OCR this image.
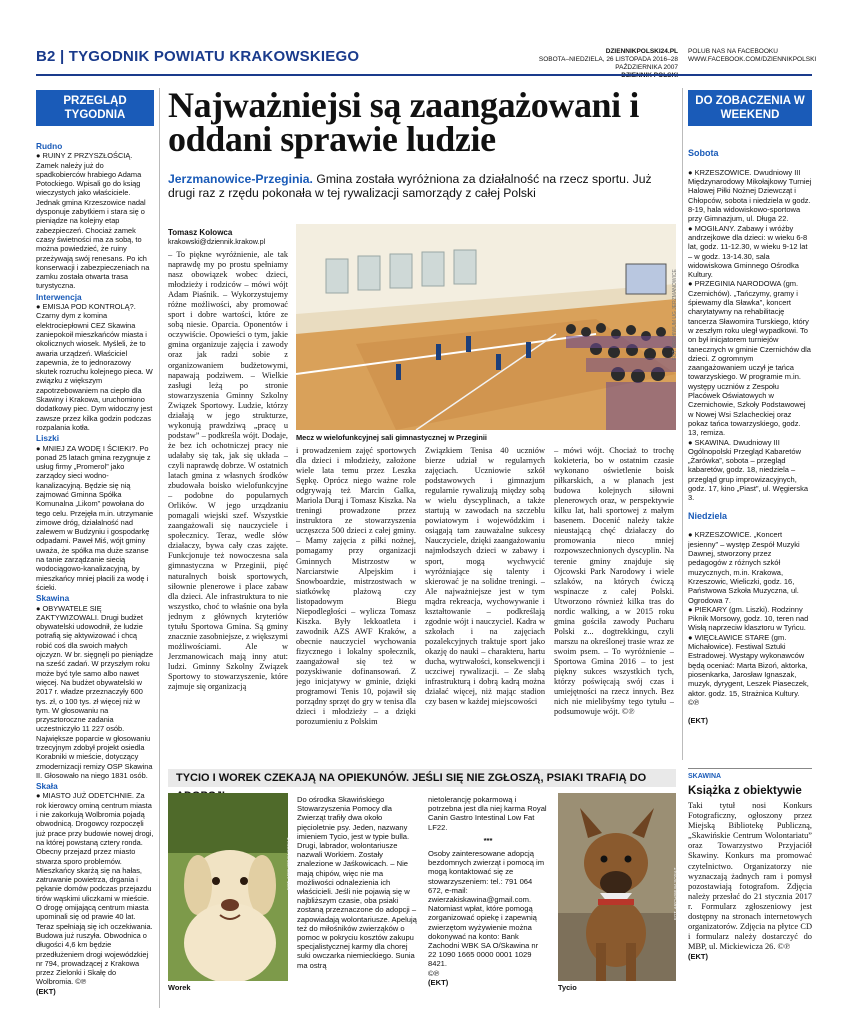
B2 | TYGODNIK POWIATU KRAKOWSKIEGO	DZIENNIKPOLSKI24.PL
SOBOTA–NIEDZIELA, 26 LISTOPADA 2016–28 PAŹDZIERNIKA 2007
POLUB NAS NA FACEBOOKU
WWW.FACEBOOK.COM/DZIENNIKPOLSKI
PRZEGLĄD TYGODNIA
Rudno

● RUINY Z PRZYSZŁOŚCIĄ. Zamek należy już do spadkobierców hrabiego Adama Potockiego. Wpisali go do ksiąg wieczystych jako właściciele. Jednak gmina Krzeszowice nadal dysponuje zabytkiem i stara się o pieniądze na kolejny etap zabezpieczeń. Chociaż zamek czasy świetności ma za sobą, to można powiedzieć, że ruiny przeżywają swój renesans. Po ich konserwacji i zabezpieczeniach na zamku została otwarta trasa turystyczna.

Interwencja

● EMISJA POD KONTROLĄ?. Czarny dym z komina elektrociepłowni CEZ Skawina zaniepokoił mieszkańców miasta i okolicznych wiosek. Myśleli, że to awaria urządzeń. Właściciel zapewnia, że to jednorazowy skutek rozruchu kolejnego pieca. W związku z większym zapotrzebowaniem na ciepło dla Skawiny i Krakowa, uruchomiono dodatkowy piec. Dym widoczny jest zawsze przez kilka godzin podczas rozpalania kotła.

Liszki

● MNIEJ ZA WODĘ I ŚCIEKI?. Po ponad 25 latach gmina rezygnuje z usług firmy „Promerol” jako zarządcy sieci wodno-kanalizacyjną. Będzie się nią zajmować Gminna Spółka Komunalna „Likom” powołana do tego celu. Przejęła m.in. utrzymanie zimowe dróg, działalność nad zalewem w Budzyniu i gospodarkę odpadami. Paweł Miś, wójt gminy uważa, że spółka ma duże szanse na tanie zarządzanie siecią wodociągowo-kanalizacyjną, by mieszkańcy mniej płacili za wodę i ścieki.

Skawina

● OBYWATELE SIĘ ZAKTYWIZOWALI. Drugi budżet obywatelski udowodnił, że ludzie potrafią się aktywizować i chcą robić coś dla swoich małych ojczyzn. W br. sięgnęli po pieniądze na sześć zadań. W przyszłym roku może być tyle samo albo nawet więcej. Na budżet obywatelski w 2017 r. władze przeznaczyły 600 tys. zł, o 100 tys. zł więcej niż w tym. W głosowaniu na przysztoroczne zadania uczestniczyło 11 227 osób. Największe poparcie w głosowaniu trzecyjnym zdobył projekt osiedla Korabniki w mieście, dotyczący zmodernizacji remizy OSP Skawina II. Głosowało na niego 1831 osób.

Skała

● MIASTO JUŻ ODETCHNIE. Za rok kierowcy ominą centrum miasta i nie zakorkują Wolbromia pojadą obwodnicą. Drogowcy rozpoczęli już prace przy budowie nowej drogi, na której powstaną cztery ronda. Obecny przejazd przez miasto stwarza sporo problemów. Mieszkańcy skarżą się na hałas, zatruwanie powietrza, drgania i pękanie domów podczas przejazdu tirów wąskimi uliczkami w mieście. O drogę omijającą centrum miasta upominali się od prawie 40 lat. Teraz spełniają się ich oczekiwania. Budowa już ruszyła. Obwodnica o długości 4,6 km będzie przedłużeniem drogi wojewódzkiej nr 794, prowadzącej z Krakowa przez Zielonki i Skałę do Wolbromia. ©℗

(EKT)

Najważniejsi są zaangażowani i oddani sprawie ludzie
Jerzmanowice-Przeginia. Gmina została wyróżniona za działalność na rzecz sportu. Już drugi raz z rzędu pokonała w tej rywalizacji samorządy z całej Polski
Tomasz Kolowca
krakowski@dziennik.krakow.pl

– To piękne wyróżnienie, ale tak naprawdę my po prostu spełniamy nasz obowiązek wobec dzieci, młodzieży i rodziców – mówi wójt Adam Piaśnik. – Wykorzystujemy różne możliwości, aby promować sport i dobre wartości, które ze sobą niesie. Oparcia. Oponentów i oczywiście. Opowieści o tym, jakie gmina organizuje zajęcia i zawody oraz jak radzi sobie z organizowaniem budżetowymi, napawają podziwem. – Wielkie zasługi leżą po stronie stowarzyszenia Gminny Szkolny Związek Sportowy. Ludzie, którzy działają w jego strukturze, wykonują prawdziwą „pracę u podstaw” – podkreśla wójt. Dodaje, że bez ich ochotniczej pracy nie udałaby się tak, jak się układa – czyli naprawdę dobrze. W ostatnich latach gmina z własnych środków zbudowała boisko wielofunkcyjne – podobne do popularnych Orlików. W jego urządzaniu pomagali wiejski szef. Wszystkie zaangażowali się nauczyciele i społecznicy. Teraz, wedle słów działaczy, bywa cały czas zajęte. Funkcjonuje też nowoczesna sala gimnastyczna w Przeginii, pięć naturalnych boisk sportowych, siłownie plenerowe i place zabaw dla dzieci. Ale infrastruktura to nie wszystko, choć to właśnie ona była jednym z głównych kryteriów tytułu Sportowa Gmina. Są gminy znacznie zasobniejsze, z większymi możliwościami. Ale w Jerzmanowicach mają inny atut: ludzi. Gminny Szkolny Związek Sportowy to stowarzyszenie, które zajmuje się organizacją

FOT. ARCHIWUM UG JERZMANOWICE
Mecz w wielofunkcyjnej sali gimnastycznej w Przeginii

i prowadzeniem zajęć sportowych dla dzieci i młodzieży, założone wiele lata temu przez Leszka Sępkę. Oprócz niego ważne role odgrywają też Marcin Galka, Mariola Durąj i Tomasz Kiszka. Na treningi prowadzone przez instruktora ze stowarzyszenia uczęszcza 500 dzieci z całej gminy. – Mamy zajęcia z piłki nożnej, pomagamy przy organizacji Gminnych Mistrzostw w Narciarstwie Alpejskim i Snowboardzie, mistrzostwach w siatkówkę plażową czy listopadowym Biegu Niepodległości – wylicza Tomasz Kiszka. Były lekkoatleta i zawodnik AZS AWF Kraków, a obecnie nauczyciel wychowania fizycznego i lokalny społecznik, zaangażował się też w pozyskiwanie dofinansowań. Z jego inicjatywy w gminie, dzięki programowi Tenis 10, pojawił się porządny sprzęt do gry w tenisa dla dzieci i młodzieży – a dzięki porozumieniu z Polskim

Związkiem Tenisa 40 uczniów bierze udział w regularnych zajęciach. Uczniowie szkół podstawowych i gimnazjum regularnie rywalizują między sobą w wielu dyscyplinach, a także startują w zawodach na szczeblu powiatowym i wojewódzkim i osiągają tam zauważalne sukcesy Nauczyciele, dzięki zaangażowaniu najmłodszych dzieci w zabawy i sport, mogą wychwycić wyróżniające się talenty i skierować je na solidne treningi. – Ale najważniejsze jest w tym mądra rekreacja, wychowywanie i kształtowanie – podkreślają zgodnie wójt i nauczyciel. Kadra w szkołach i na zajęciach pozalekcyjnych traktuje sport jako okazję do nauki – charakteru, hartu ducha, wytrwałości, konsekwencji i uczciwej rywalizacji. – Ze słabą infrastrukturą i dobrą kadrą można działać więcej, niż mając stadion czy basen w każdej miejscowości

– mówi wójt. Chociaż to trochę kokieteria, bo w ostatnim czasie wykonano oświetlenie boisk piłkarskich, a w planach jest budowa kolejnych siłowni plenerowych oraz, w perspektywie kilku lat, hali sportowej z małym basenem. Docenić należy także nieustającą chęć działaczy do promowania nieco mniej rozpowszechnionych dyscyplin. Na terenie gminy znajduje się Ojcowski Park Narodowy i wiele szlaków, na których ćwiczą wspinacze z całej Polski. Utworzono również kilka tras do nordic walking, a w 2015 roku gmina gościła zawody Pucharu Polski z... dogtrekkingu, czyli marszu na określonej trasie wraz ze swoim psem. – To wyróżnienie – Sportowa Gmina 2016 – to jest piękny sukces wszystkich tych, którzy poświęcają swój czas i umiejętności na rzecz innych. Bez nich nie mielibyśmy tego tytułu – podsumowuje wójt. ©℗

DO ZOBACZENIA W WEEKEND

Sobota

● KRZESZOWICE. Dwudniowy III Międzynarodowy Mikołajkowy Turniej Halowej Piłki Nożnej Dziewcząt i Chłopców, sobota i niedziela w godz. 8-19, hala widowiskowo-sportowa przy Gimnazjum, ul. Długa 22.
● MOGIŁANY. Zabawy i wróżby andrzejkowe dla dzieci: w wieku 6-8 lat, godz. 11-12.30, w wieku 9-12 lat – w godz. 13-14.30, sala widowiskowa Gminnego Ośrodka Kultury.
● PRZEGINIA NARODOWA (gm. Czernichów). „Tańczymy, gramy i śpiewamy dla Sławka”, koncert charytatywny na rehabilitację tancerza Sławomira Turskiego, który w zeszłym roku uległ wypadkowi. To on był inicjatorem turniejów tanecznych w gminie Czernichów dla dzieci. Z ogromnym zaangażowaniem uczył je tańca towarzyskiego. W programie m.in. występy uczniów z Zespołu Placówek Oświatowych w Czernichowie, Szkoły Podstawowej w Nowej Wsi Szlacheckiej oraz pokaz tańca towarzyskiego, godz. 13, remiza.
● SKAWINA. Dwudniowy III Ogólnopolski Przegląd Kabaretów „Żarówka”, sobota – przegląd kabaretów, godz. 18, niedziela – przegląd grup improwizacyjnych, godz. 17, kino „Piast”, ul. Węgierska 3.

Niedziela

● KRZESZOWICE. „Koncert jesienny” – występ Zespół Muzyki Dawnej, stworzony przez pedagogów z różnych szkół muzycznych, m.in. Krakowa, Krzeszowic, Wieliczki, godz. 16, Państwowa Szkoła Muzyczna, ul. Ogrodowa 7.
● PIEKARY (gm. Liszki). Rodzinny Piknik Morsowy, godz. 10, teren nad Wisłą naprzeciw klasztoru w Tyńcu.
● WIĘCŁAWICE STARE (gm. Michałowice). Festiwal Sztuki Estradowej. Wystąpy wykonawców będą oceniać: Marta Bizoń, aktorka, piosenkarka, Jarosław Ignaszak, muzyk, dyrygent, Leszek Piaseczek, aktor. godz. 15, Strażnica Kultury. ©℗

(EKT)

TYCIO I WOREK CZEKAJĄ NA OPIEKUNÓW. JEŚLI SIĘ NIE ZGŁOSZĄ, PSIAKI TRAFIĄ DO
FOT. ARCHIWUM SOSAZ
Worek

Do ośrodka Skawińskiego Stowarzyszenia Pomocy dla Zwierząt trafiły dwa około pięcioletnie psy. Jeden, nazwany imieniem Tycio, jest w typie bulla. Drugi, labrador, wolontariusze nazwali Workiem. Zostały znalezione w Jaśkowicach. – Nie mają chipów, więc nie ma możliwości odnalezienia ich właścicieli. Jeśli nie pojawią się w najbliższym czasie, oba psiaki zostaną przeznaczone do adopcji – zapowiadają wolontariusze. Apelują też do miłośników zwierząków o pomoc w pokryciu kosztów zakupu specjalistycznej karmy dla chorej suki owczarka niemieckiego. Sunia ma ostrą

nietolerancję pokarmową i potrzebna jest dla niej karma Royal Canin Gastro Intestinal Low Fat LF22.

***

Osoby zainteresowane adopcją bezdomnych zwierząt i pomocą im mogą kontaktować się ze stowarzyszeniem: tel.: 791 064 672, e-mail: zwierzakiskawina@gmail.com. Natomiast wpłat, które pomogą zorganizować opiekę i zapewnią zwierzętom wyżywienie można dokonywać na konto: Bank Zachodni WBK SA O/Skawina nr 22 1090 1665 0000 0001 1029 8421.

©℗

(EKT)

FOT. ARCHIWUM SOSAZ
Tycio
SKAWINA
Książka z obiektywie

Taki tytuł nosi Konkurs Fotograficzny, ogłoszony przez Miejską Bibliotekę Publiczną, „Skawińskie Centrum Wolontariatu” oraz Towarzystwo Przyjaciół Skawiny. Konkurs ma promować czytelnictwo. Organizatorzy nie wyznaczają żadnych ram i pomysł pozostawiają fotografom. Zdjęcia należy przesłać do 21 stycznia 2017 r. Formularz zgłoszeniowy jest dostępny na stronach internetowych organizatorów. Zdjęcia na płytce CD i formularz należy dostarczyć do MBP, ul. Mickiewicza 26. ©℗

(EKT)
